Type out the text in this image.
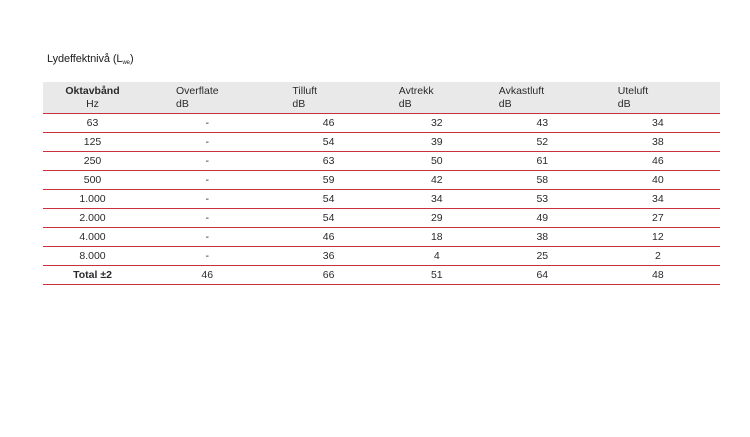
Lydeffektnivå $(L_{we})$
Oktavbånd	Overflate	Tilluft	Avtrekk	Avkastluft	Uteluft
Hz	dB	dB	dB	dB	dB
63	-	46	32	43	34
125	-	54	39	52	38
250	-	63	50	61	46
500	-	59	42	58	40
1.000	-	54	34	53	34
2.000	-	54	29	49	27
4.000	-	46	18	38	12
8.000	-	36	4	25	2
Total ±2	46	66	51	64	48
